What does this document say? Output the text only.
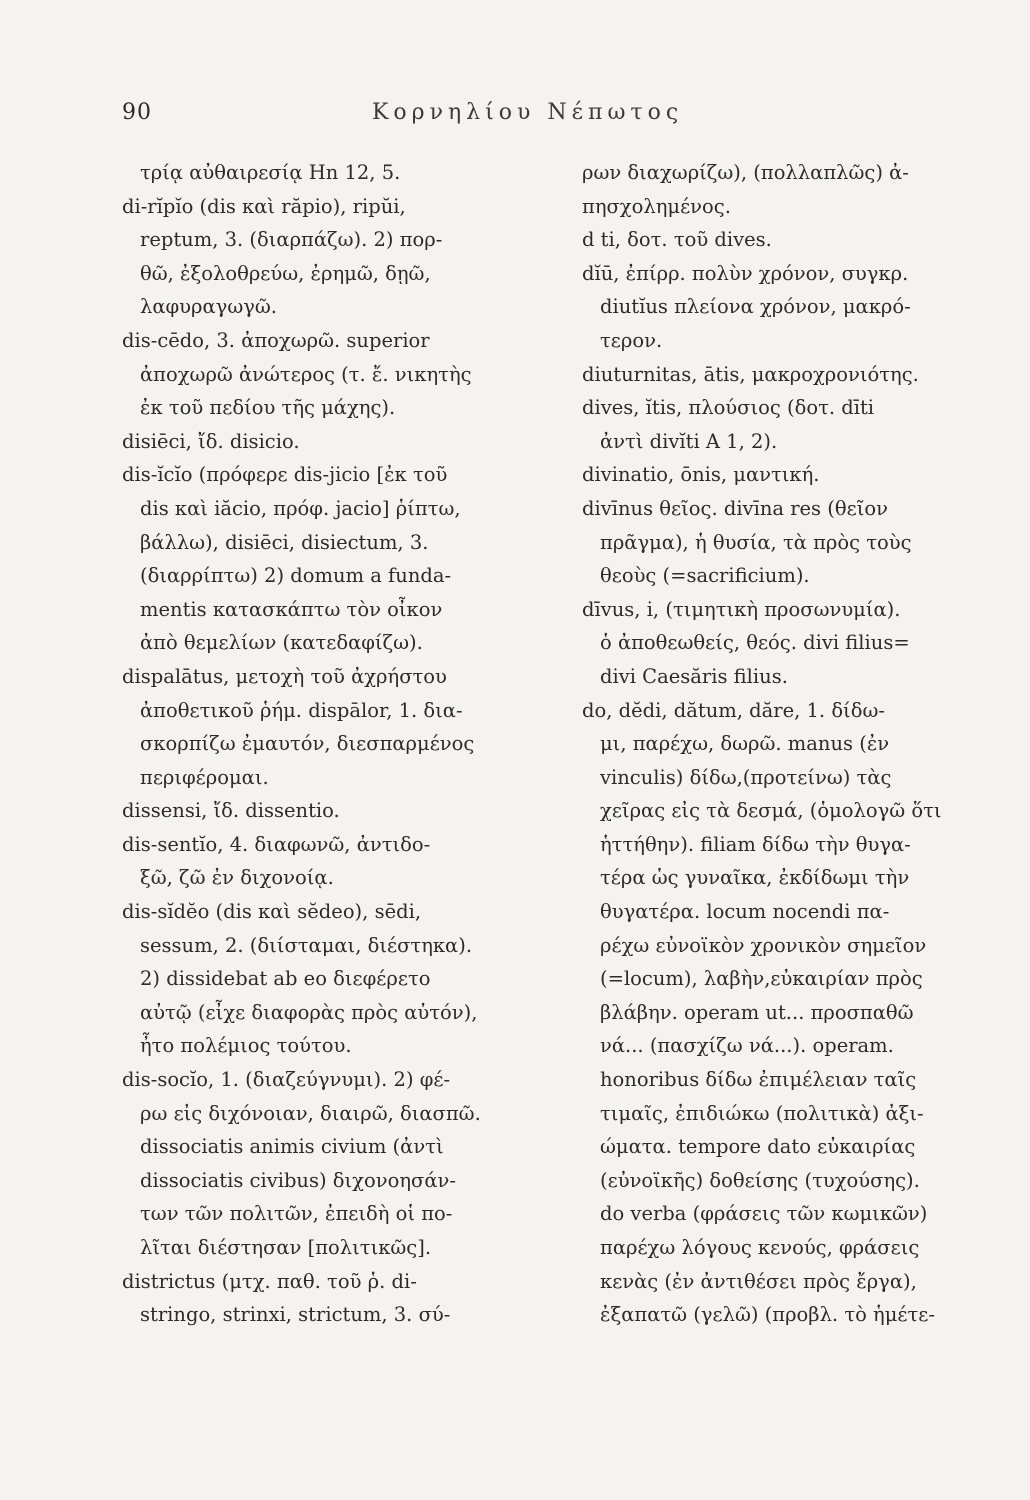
90	Κορνηλίου Νέπωτος
τρίᾳ αὐθαιρεσίᾳ Hn 12, 5.
di-rĭpĭo (dis καὶ răpio), ripŭi,
reptum, 3. (διαρπάζω). 2) πορ-
θῶ, ἐξολοθρεύω, ἐρημῶ, δῃῶ,
λαφυραγωγῶ.
dis-cēdo, 3. ἀποχωρῶ. superior
ἀποχωρῶ ἀνώτερος (τ. ἔ. νικητὴς
ἐκ τοῦ πεδίου τῆς μάχης).
disiēci, ἴδ. disicio.
dis-ĭcĭo (πρόφερε dis-jicio [ἐκ τοῦ
dis καὶ iăcio, πρόφ. jacio] ῥίπτω,
βάλλω), disiēci, disiectum, 3.
(διαρρίπτω) 2) domum a funda-
mentis κατασκάπτω τὸν οἶκον
ἀπὸ θεμελίων (κατεδαφίζω).
dispalātus, μετοχὴ τοῦ ἀχρήστου
ἀποθετικοῦ ῥήμ. dispālor, 1. δια-
σκορπίζω ἐμαυτόν, διεσπαρμένος
περιφέρομαι.
dissensi, ἴδ. dissentio.
dis-sentĭo, 4. διαφωνῶ, ἀντιδο-
ξῶ, ζῶ ἐν διχονοίᾳ.
dis-sĭdĕo (dis καὶ sĕdeo), sēdi,
sessum, 2. (διίσταμαι, διέστηκα).
2) dissidebat ab eo διεφέρετο
αὐτῷ (εἶχε διαφορὰς πρὸς αὐτόν),
ἦτο πολέμιος τούτου.
dis-socĭo, 1. (διαζεύγνυμι). 2) φέ-
ρω εἰς διχόνοιαν, διαιρῶ, διασπῶ.
dissociatis animis civium (ἀντὶ
dissociatis civibus) διχονοησάν-
των τῶν πολιτῶν, ἐπειδὴ οἱ πο-
λῖται διέστησαν [πολιτικῶς].
districtus (μτχ. παθ. τοῦ ῥ. di-
stringo, strinxi, strictum, 3. σύ-
ρων διαχωρίζω), (πολλαπλῶς) ἀ-
πησχολημένος.
d ti, δοτ. τοῦ dives.
dĭū, ἐπίρρ. πολὺν χρόνον, συγκρ.
diutĭus πλείονα χρόνον, μακρό-
τερον.
diuturnitas, ātis, μακροχρονιότης.
dives, ĭtis, πλούσιος (δοτ. dīti
ἀντὶ divĭti A 1, 2).
divinatio, ōnis, μαντική.
divīnus θεῖος. divīna res (θεῖον
πρᾶγμα), ἡ θυσία, τὰ πρὸς τοὺς
θεοὺς (=sacrificium).
dīvus, i, (τιμητικὴ προσωνυμία).
ὁ ἀποθεωθείς, θεός. divi filius=
divi Caesăris filius.
do, dĕdi, dătum, dăre, 1. δίδω-
μι, παρέχω, δωρῶ. manus (ἐν
vinculis) δίδω,(προτείνω) τὰς
χεῖρας εἰς τὰ δεσμά, (ὁμολογῶ ὅτι
ἡττήθην). filiam δίδω τὴν θυγα-
τέρα ὡς γυναῖκα, ἐκδίδωμι τὴν
θυγατέρα. locum nocendi πα-
ρέχω εὐνοϊκὸν χρονικὸν σημεῖον
(=locum), λαβὴν,εὐκαιρίαν πρὸς
βλάβην. operam ut... προσπαθῶ
νά... (πασχίζω νά...). operam.
honoribus δίδω ἐπιμέλειαν ταῖς
τιμαῖς, ἐπιδιώκω (πολιτικὰ) ἀξι-
ώματα. tempore dato εὐκαιρίας
(εὐνοϊκῆς) δοθείσης (τυχούσης).
do verba (φράσεις τῶν κωμικῶν)
παρέχω λόγους κενούς, φράσεις
κενὰς (ἐν ἀντιθέσει πρὸς ἔργα),
ἐξαπατῶ (γελῶ) (προβλ. τὸ ἡμέτε-
